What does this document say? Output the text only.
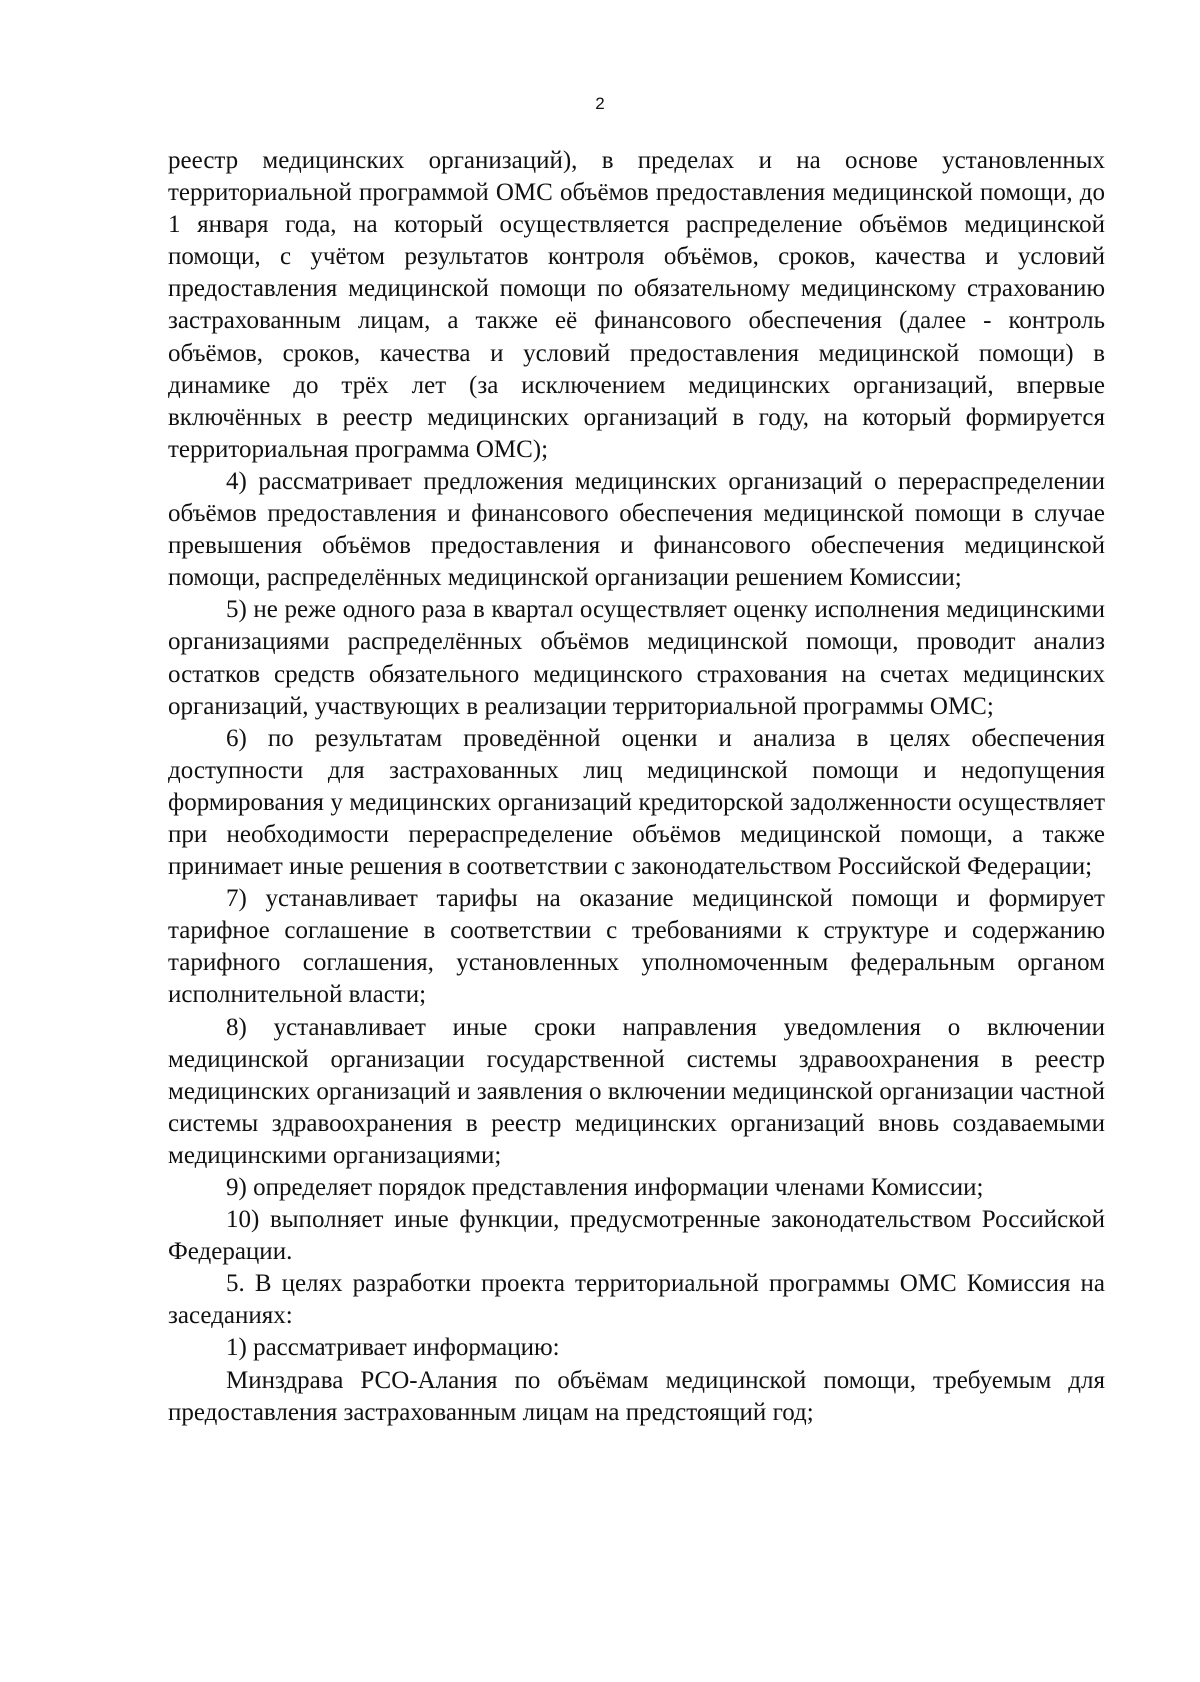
2

реестр медицинских организаций), в пределах и на основе установленных территориальной программой ОМС объёмов предоставления медицинской помощи, до 1 января года, на который осуществляется распределение объёмов медицинской помощи, с учётом результатов контроля объёмов, сроков, качества и условий предоставления медицинской помощи по обязательному медицинскому страхованию застрахованным лицам, а также её финансового обеспечения (далее - контроль объёмов, сроков, качества и условий предоставления медицинской помощи) в динамике до трёх лет (за исключением медицинских организаций, впервые включённых в реестр медицинских организаций в году, на который формируется территориальная программа ОМС);

4) рассматривает предложения медицинских организаций о перераспределении объёмов предоставления и финансового обеспечения медицинской помощи в случае превышения объёмов предоставления и финансового обеспечения медицинской помощи, распределённых медицинской организации решением Комиссии;

5) не реже одного раза в квартал осуществляет оценку исполнения медицинскими организациями распределённых объёмов медицинской помощи, проводит анализ остатков средств обязательного медицинского страхования на счетах медицинских организаций, участвующих в реализации территориальной программы ОМС;

6) по результатам проведённой оценки и анализа в целях обеспечения доступности для застрахованных лиц медицинской помощи и недопущения формирования у медицинских организаций кредиторской задолженности осуществляет при необходимости перераспределение объёмов медицинской помощи, а также принимает иные решения в соответствии с законодательством Российской Федерации;

7) устанавливает тарифы на оказание медицинской помощи и формирует тарифное соглашение в соответствии с требованиями к структуре и содержанию тарифного соглашения, установленных уполномоченным федеральным органом исполнительной власти;

8) устанавливает иные сроки направления уведомления о включении медицинской организации государственной системы здравоохранения в реестр медицинских организаций и заявления о включении медицинской организации частной системы здравоохранения в реестр медицинских организаций вновь создаваемыми медицинскими организациями;

9) определяет порядок представления информации членами Комиссии;

10) выполняет иные функции, предусмотренные законодательством Российской Федерации.

5. В целях разработки проекта территориальной программы ОМС Комиссия на заседаниях:

1) рассматривает информацию:

Минздрава РСО-Алания по объёмам медицинской помощи, требуемым для предоставления застрахованным лицам на предстоящий год;
